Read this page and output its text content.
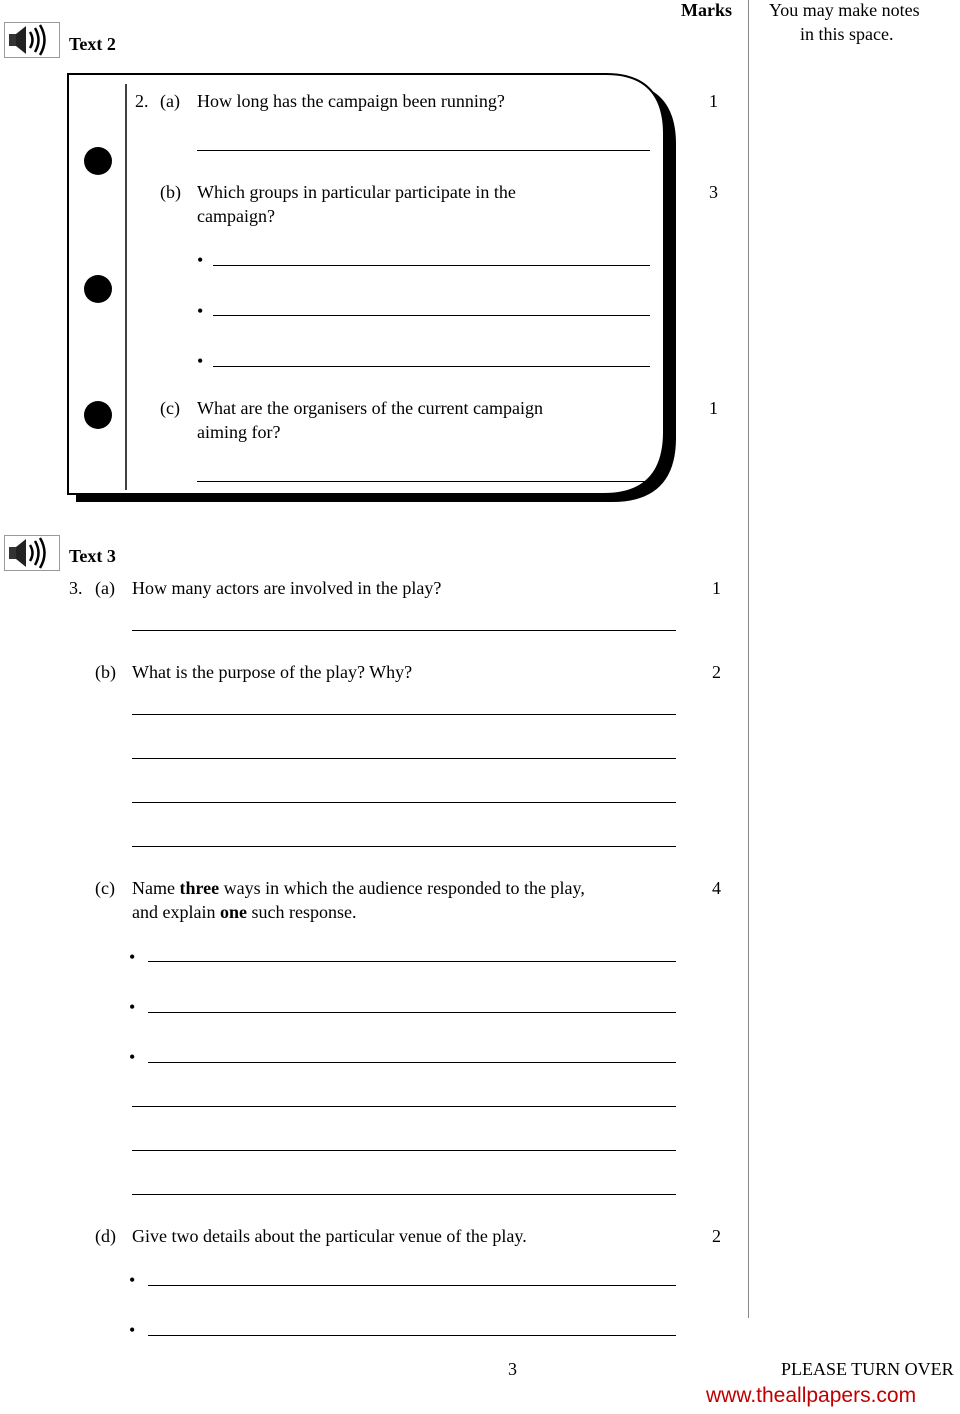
Marks You may make notes
in this space.
Text 2
2. (a) How long has the campaign been running?	1
(b) Which groups in particular participate in the
campaign?
3
•
•
•
(c) What are the organisers of the current campaign
aiming for?
1
Text 3
3. (a) How many actors are involved in the play?	1
(b) What is the purpose of the play? Why?	2
(c) Name three ways in which the audience responded to the play,
and explain one such response.
4
•
•
•
(d) Give two details about the particular venue of the play.	2
•
•
3	PLEASE TURN OVER
www.theallpapers.com
